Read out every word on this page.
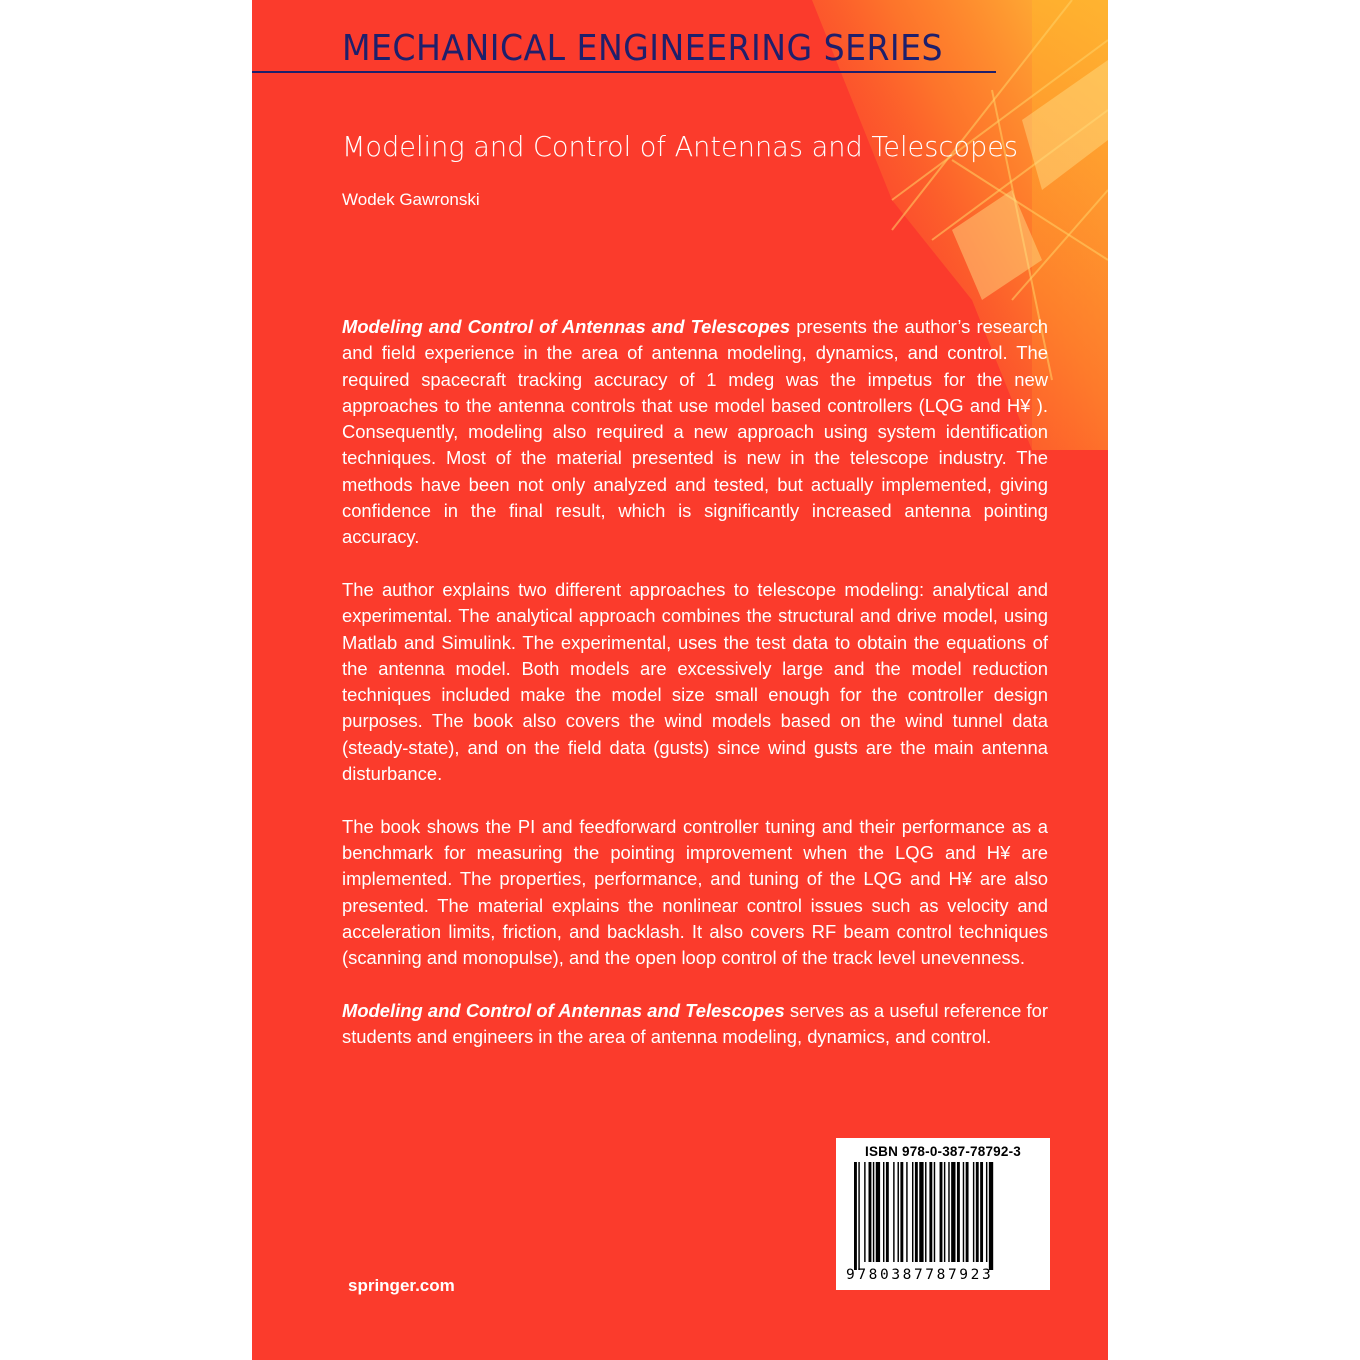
MECHANICAL ENGINEERING SERIES
Modeling and Control of Antennas and Telescopes
Wodek Gawronski

Modeling and Control of Antennas and Telescopes presents the author’s research and field experience in the area of antenna modeling, dynamics, and control. The required spacecraft tracking accuracy of 1 mdeg was the impetus for the new approaches to the antenna controls that use model based controllers (LQG and H¥ ). Consequently, modeling also required a new approach using system identification techniques. Most of the material presented is new in the telescope industry. The methods have been not only analyzed and tested, but actually implemented, giving confidence in the final result, which is significantly increased antenna pointing accuracy.

The author explains two different approaches to telescope modeling: analytical and experimental. The analytical approach combines the structural and drive model, using Matlab and Simulink. The experimental, uses the test data to obtain the equations of the antenna model. Both models are excessively large and the model reduction techniques included make the model size small enough for the controller design purposes. The book also covers the wind models based on the wind tunnel data (steady-state), and on the field data (gusts) since wind gusts are the main antenna disturbance.

The book shows the PI and feedforward controller tuning and their performance as a benchmark for measuring the pointing improvement when the LQG and H¥ are implemented. The properties, performance, and tuning of the LQG and H¥ are also presented. The material explains the nonlinear control issues such as velocity and acceleration limits, friction, and backlash. It also covers RF beam control techniques (scanning and monopulse), and the open loop control of the track level unevenness.

Modeling and Control of Antennas and Telescopes serves as a useful reference for students and engineers in the area of antenna modeling, dynamics, and control.

springer.com
ISBN 978-0-387-78792-3
9780387787923
